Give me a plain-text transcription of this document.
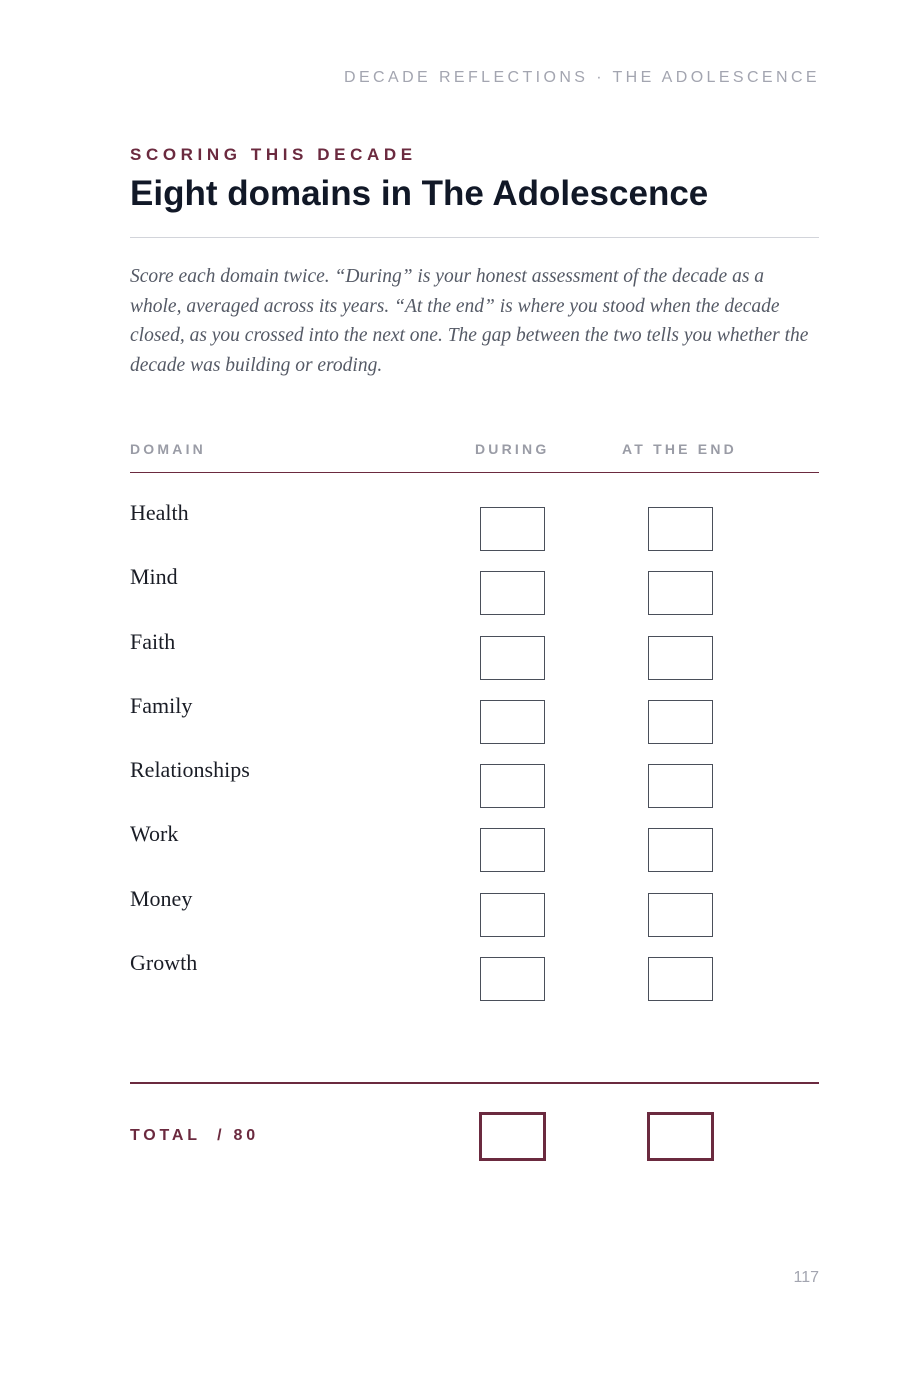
DECADE REFLECTIONS · THE ADOLESCENCE
SCORING THIS DECADE
Eight domains in The Adolescence

Score each domain twice. “During” is your honest assessment of the decade as a whole, averaged across its years. “At the end” is where you stood when the decade closed, as you crossed into the next one. The gap between the two tells you whether the decade was building or eroding.

DOMAIN	DURING	AT THE END
Health
Mind
Faith
Family
Relationships
Work
Money
Growth
TOTAL / 80
117
